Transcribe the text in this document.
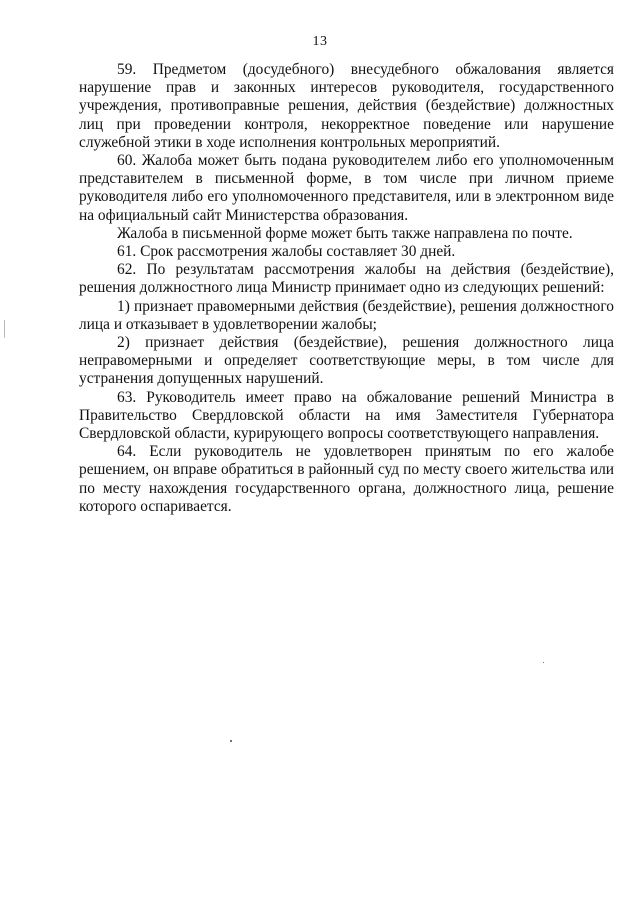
13

59. Предметом (досудебного) внесудебного обжалования является нарушение прав и законных интересов руководителя, государственного учреждения, противоправные решения, действия (бездействие) должностных лиц при проведении контроля, некорректное поведение или нарушение служебной этики в ходе исполнения контрольных мероприятий.

60. Жалоба может быть подана руководителем либо его уполномоченным представителем в письменной форме, в том числе при личном приеме руководителя либо его уполномоченного представителя, или в электронном виде на официальный сайт Министерства образования.

Жалоба в письменной форме может быть также направлена по почте.

61. Срок рассмотрения жалобы составляет 30 дней.

62. По результатам рассмотрения жалобы на действия (бездействие), решения должностного лица Министр принимает одно из следующих решений:

1) признает правомерными действия (бездействие), решения должностного лица и отказывает в удовлетворении жалобы;

2) признает действия (бездействие), решения должностного лица неправомерными и определяет соответствующие меры, в том числе для устранения допущенных нарушений.

63. Руководитель имеет право на обжалование решений Министра в Правительство Свердловской области на имя Заместителя Губернатора Свердловской области, курирующего вопросы соответствующего направления.

64. Если руководитель не удовлетворен принятым по его жалобе решением, он вправе обратиться в районный суд по месту своего жительства или по месту нахождения государственного органа, должностного лица, решение которого оспаривается.
